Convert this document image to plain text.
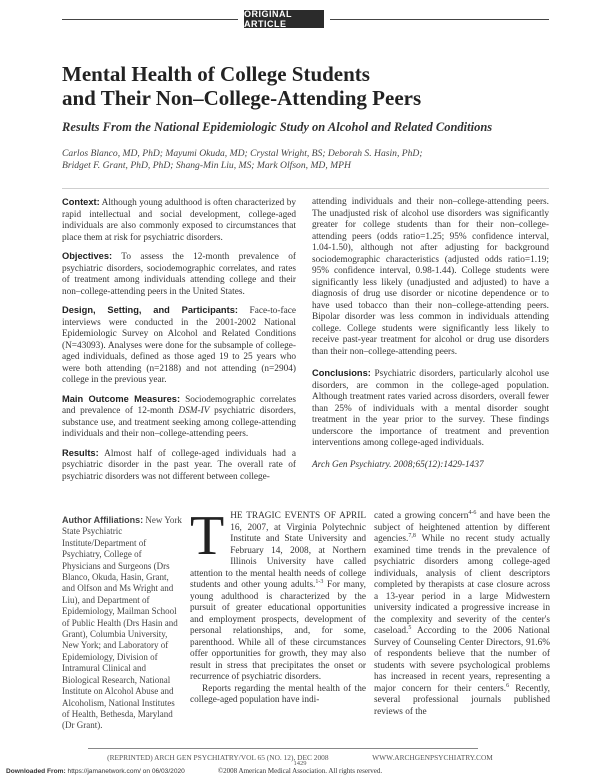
ORIGINAL ARTICLE
Mental Health of College Students
and Their Non–College-Attending Peers
Results From the National Epidemiologic Study on Alcohol and Related Conditions
Carlos Blanco, MD, PhD; Mayumi Okuda, MD; Crystal Wright, BS; Deborah S. Hasin, PhD;
Bridget F. Grant, PhD, PhD; Shang-Min Liu, MS; Mark Olfson, MD, MPH

Context: Although young adulthood is often characterized by rapid intellectual and social development, college-aged individuals are also commonly exposed to circumstances that place them at risk for psychiatric disorders.

Objectives: To assess the 12-month prevalence of psychiatric disorders, sociodemographic correlates, and rates of treatment among individuals attending college and their non–college-attending peers in the United States.

Design, Setting, and Participants: Face-to-face interviews were conducted in the 2001-2002 National Epidemiologic Survey on Alcohol and Related Conditions (N=43093). Analyses were done for the subsample of college-aged individuals, defined as those aged 19 to 25 years who were both attending (n=2188) and not attending (n=2904) college in the previous year.

Main Outcome Measures: Sociodemographic correlates and prevalence of 12-month DSM-IV psychiatric disorders, substance use, and treatment seeking among college-attending individuals and their non–college-attending peers.

Results: Almost half of college-aged individuals had a psychiatric disorder in the past year. The overall rate of psychiatric disorders was not different between college-

attending individuals and their non–college-attending peers. The unadjusted risk of alcohol use disorders was significantly greater for college students than for their non–college-attending peers (odds ratio=1.25; 95% confidence interval, 1.04-1.50), although not after adjusting for background sociodemographic characteristics (adjusted odds ratio=1.19; 95% confidence interval, 0.98-1.44). College students were significantly less likely (unadjusted and adjusted) to have a diagnosis of drug use disorder or nicotine dependence or to have used tobacco than their non–college-attending peers. Bipolar disorder was less common in individuals attending college. College students were significantly less likely to receive past-year treatment for alcohol or drug use disorders than their non–college-attending peers.

Conclusions: Psychiatric disorders, particularly alcohol use disorders, are common in the college-aged population. Although treatment rates varied across disorders, overall fewer than 25% of individuals with a mental disorder sought treatment in the year prior to the survey. These findings underscore the importance of treatment and prevention interventions among college-aged individuals.

Arch Gen Psychiatry. 2008;65(12):1429-1437

Author Affiliations: New York State Psychiatric Institute/Department of Psychiatry, College of Physicians and Surgeons (Drs Blanco, Okuda, Hasin, Grant, and Olfson and Ms Wright and Liu), and Department of Epidemiology, Mailman School of Public Health (Drs Hasin and Grant), Columbia University, New York; and Laboratory of Epidemiology, Division of Intramural Clinical and Biological Research, National Institute on Alcohol Abuse and Alcoholism, National Institutes of Health, Bethesda, Maryland (Dr Grant).

THE TRAGIC EVENTS OF APRIL 16, 2007, at Virginia Polytechnic Institute and State University and February 14, 2008, at Northern Illinois University have called attention to the mental health needs of college students and other young adults.$^{1-3}$ For many, young adulthood is characterized by the pursuit of greater educational opportunities and employment prospects, development of personal relationships, and, for some, parenthood. While all of these circumstances offer opportunities for growth, they may also result in stress that precipitates the onset or recurrence of psychiatric disorders.

Reports regarding the mental health of the college-aged population have indi-

cated a growing concern$^{4-6}$ and have been the subject of heightened attention by different agencies.$^{7,8}$ While no recent study actually examined time trends in the prevalence of psychiatric disorders among college-aged individuals, analysis of client descriptors completed by therapists at case closure across a 13-year period in a large Midwestern university indicated a progressive increase in the complexity and severity of the center's caseload.$^5$ According to the 2006 National Survey of Counseling Center Directors, 91.6% of respondents believe that the number of students with severe psychological problems has increased in recent years, representing a major concern for their centers.$^6$ Recently, several professional journals published reviews of the

(REPRINTED) ARCH GEN PSYCHIATRY/VOL 65 (NO. 12), DEC 2008	WWW.ARCHGENPSYCHIATRY.COM
1429
©2008 American Medical Association. All rights reserved.
Downloaded From: https://jamanetwork.com/ on 06/03/2020
